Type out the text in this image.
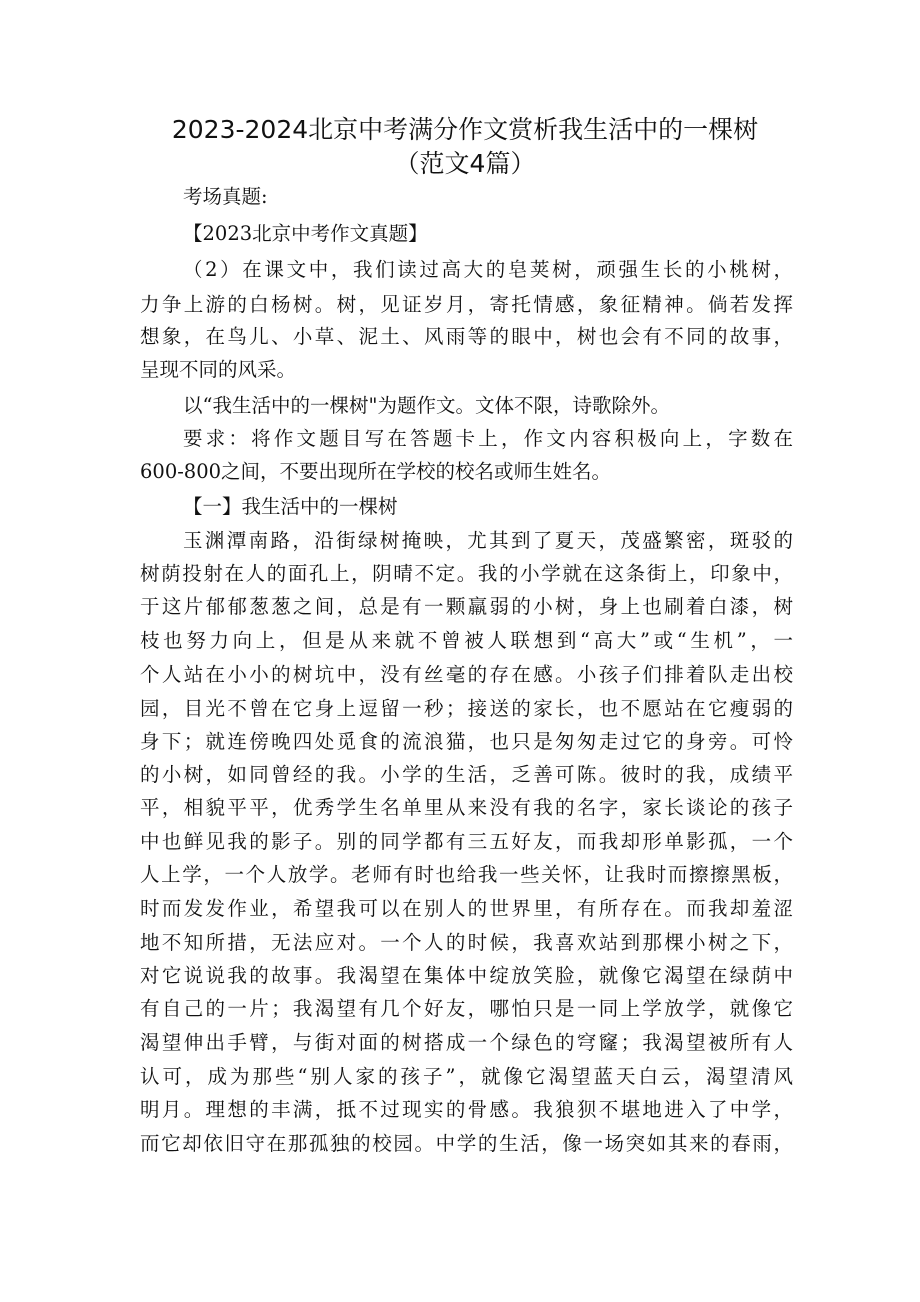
2023-2024北京中考满分作文赏析我生活中的一棵树
（范文4篇）
考场真题:
【2023北京中考作文真题】
（2）在课文中，我们读过高大的皂荚树，顽强生长的小桃树，
力争上游的白杨树。树，见证岁月，寄托情感，象征精神。倘若发挥
想象，在鸟儿、小草、泥土、风雨等的眼中，树也会有不同的故事，
呈现不同的风采。
以“我生活中的一棵树"为题作文。文体不限，诗歌除外。
要求：将作文题目写在答题卡上，作文内容积极向上，字数在
600-800之间，不要出现所在学校的校名或师生姓名。
【一】我生活中的一棵树
玉渊潭南路，沿街绿树掩映，尤其到了夏天，茂盛繁密，斑驳的
树荫投射在人的面孔上，阴晴不定。我的小学就在这条街上，印象中，
于这片郁郁葱葱之间，总是有一颗羸弱的小树，身上也刷着白漆，树
枝也努力向上，但是从来就不曾被人联想到“高大”或“生机”，一
个人站在小小的树坑中，没有丝毫的存在感。小孩子们排着队走出校
园，目光不曾在它身上逗留一秒；接送的家长，也不愿站在它瘦弱的
身下；就连傍晚四处觅食的流浪猫，也只是匆匆走过它的身旁。可怜
的小树，如同曾经的我。小学的生活，乏善可陈。彼时的我，成绩平
平，相貌平平，优秀学生名单里从来没有我的名字，家长谈论的孩子
中也鲜见我的影子。别的同学都有三五好友，而我却形单影孤，一个
人上学，一个人放学。老师有时也给我一些关怀，让我时而擦擦黑板，
时而发发作业，希望我可以在别人的世界里，有所存在。而我却羞涩
地不知所措，无法应对。一个人的时候，我喜欢站到那棵小树之下，
对它说说我的故事。我渴望在集体中绽放笑脸，就像它渴望在绿荫中
有自己的一片；我渴望有几个好友，哪怕只是一同上学放学，就像它
渴望伸出手臂，与街对面的树搭成一个绿色的穹窿；我渴望被所有人
认可，成为那些“别人家的孩子”，就像它渴望蓝天白云，渴望清风
明月。理想的丰满，抵不过现实的骨感。我狼狈不堪地进入了中学，
而它却依旧守在那孤独的校园。中学的生活，像一场突如其来的春雨，
